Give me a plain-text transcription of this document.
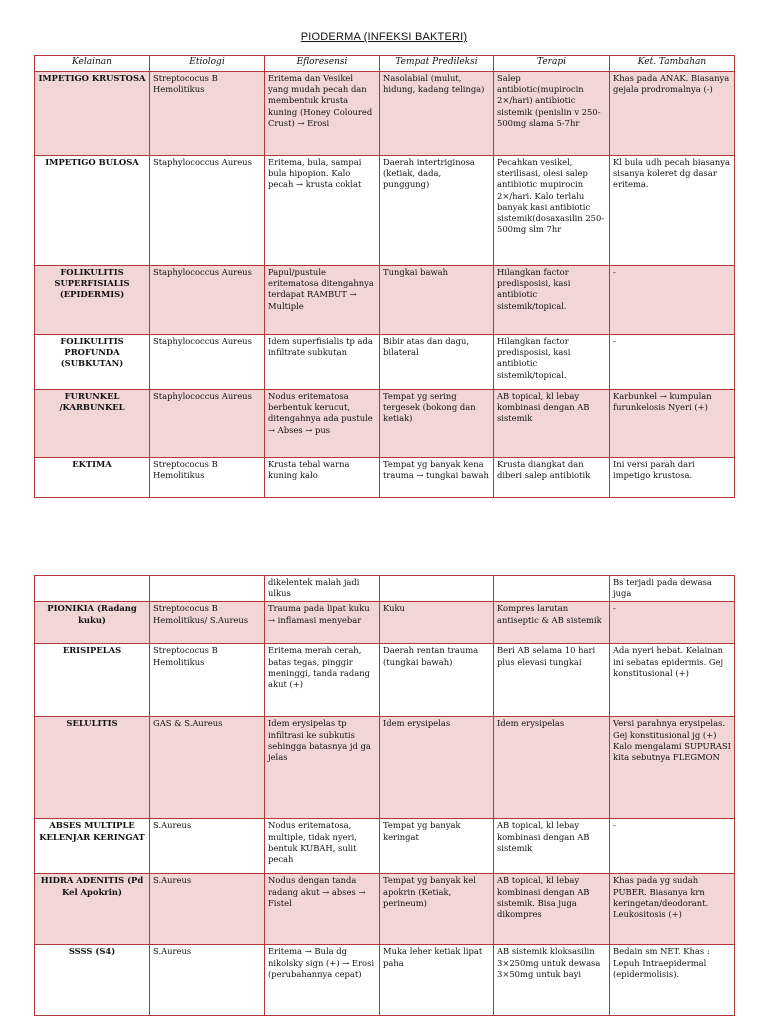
PIODERMA (INFEKSI BAKTERI)
Kelainan	Etiologi	Efloresensi	Tempat Predileksi	Terapi	Ket. Tambahan
IMPETIGO KRUSTOSA	Streptococus B Hemolitikus	Eritema dan Vesikel yang mudah pecah dan membentuk krusta kuning (Honey Coloured Crust) → Erosi	Nasolabial (mulut, hidung, kadang telinga)	Salep antibiotic(mupirocin 2×/hari) antibiotic sistemik (penislin v 250-500mg slama 5-7hr	Khas pada ANAK. Biasanya gejala prodromalnya (-)
IMPETIGO BULOSA	Staphylococcus Aureus	Eritema, bula, sampai bula hipopion. Kalo pecah → krusta coklat	Daerah intertriginosa (ketiak, dada, punggung)	Pecahkan vesikel, sterilisasi, olesi salep antibiotic mupirocin 2×/hari. Kalo terlalu banyak kasi antibiotic sistemik(dosaxasilin 250-500mg slm 7hr	Kl bula udh pecah biasanya sisanya koleret dg dasar eritema.
FOLIKULITIS SUPERFISIALIS (EPIDERMIS)	Staphylococcus Aureus	Papul/pustule eritematosa ditengahnya terdapat RAMBUT → Multiple	Tungkai bawah	Hilangkan factor predisposisi, kasi antibiotic sistemik/topical.	-
FOLIKULITIS PROFUNDA (SUBKUTAN)	Staphylococcus Aureus	Idem superfisialis tp ada infiltrate subkutan	Bibir atas dan dagu, bilateral	Hilangkan factor predisposisi, kasi antibiotic sistemik/topical.	-
FURUNKEL /KARBUNKEL	Staphylococcus Aureus	Nodus eritematosa berbentuk kerucut, ditengahnya ada pustule → Abses → pus	Tempat yg sering tergesek (bokong dan ketiak)	AB topical, kl lebay kombinasi dengan AB sistemik	Karbunkel → kumpulan furunkelosis Nyeri (+)
EKTIMA	Streptococus B Hemolitikus	Krusta tebal warna kuning kalo	Tempat yg banyak kena trauma → tungkai bawah	Krusta diangkat dan diberi salep antibiotik	Ini versi parah dari impetigo krustosa.
		dikelentek malah jadi ulkus			Bs terjadi pada dewasa juga
PIONIKIA (Radang kuku)	Streptococus B Hemolitikus/ S.Aureus	Trauma pada lipat kuku → inflamasi menyebar	Kuku	Kompres larutan antiseptic & AB sistemik	-
ERISIPELAS	Streptococus B Hemolitikus	Eritema merah cerah, batas tegas, pinggir meninggi, tanda radang akut (+)	Daerah rentan trauma (tungkai bawah)	Beri AB selama 10 hari plus elevasi tungkai	Ada nyeri hebat. Kelainan ini sebatas epidermis. Gej konstitusional (+)
SELULITIS	GAS & S.Aureus	Idem erysipelas tp infiltrasi ke subkutis sehingga batasnya jd ga jelas	Idem erysipelas	Idem erysipelas	Versi parahnya erysipelas. Gej konstitusional jg (+) Kalo mengalami SUPURASI kita sebutnya FLEGMON
ABSES MULTIPLE KELENJAR KERINGAT	S.Aureus	Nodus eritematosa, multiple, tidak nyeri, bentuk KUBAH, sulit pecah	Tempat yg banyak keringat	AB topical, kl lebay kombinasi dengan AB sistemik	-
HIDRA ADENITIS (Pd Kel Apokrin)	S.Aureus	Nodus dengan tanda radang akut → abses → Fistel	Tempat yg banyak kel apokrin (Ketiak, perineum)	AB topical, kl lebay kombinasi dengan AB sistemik. Bisa juga dikompres	Khas pada yg sudah PUBER. Biasanya krn keringetan/deodorant. Leukositosis (+)
SSSS (S4)	S.Aureus	Eritema → Bula dg nikolsky sign (+) → Erosi (perubahannya cepat)	Muka leher ketiak lipat paha	AB sistemik kloksasilin 3×250mg untuk dewasa 3×50mg untuk bayi	Bedain sm NET. Khas : Lepuh Intraepidermal (epidermolisis).
